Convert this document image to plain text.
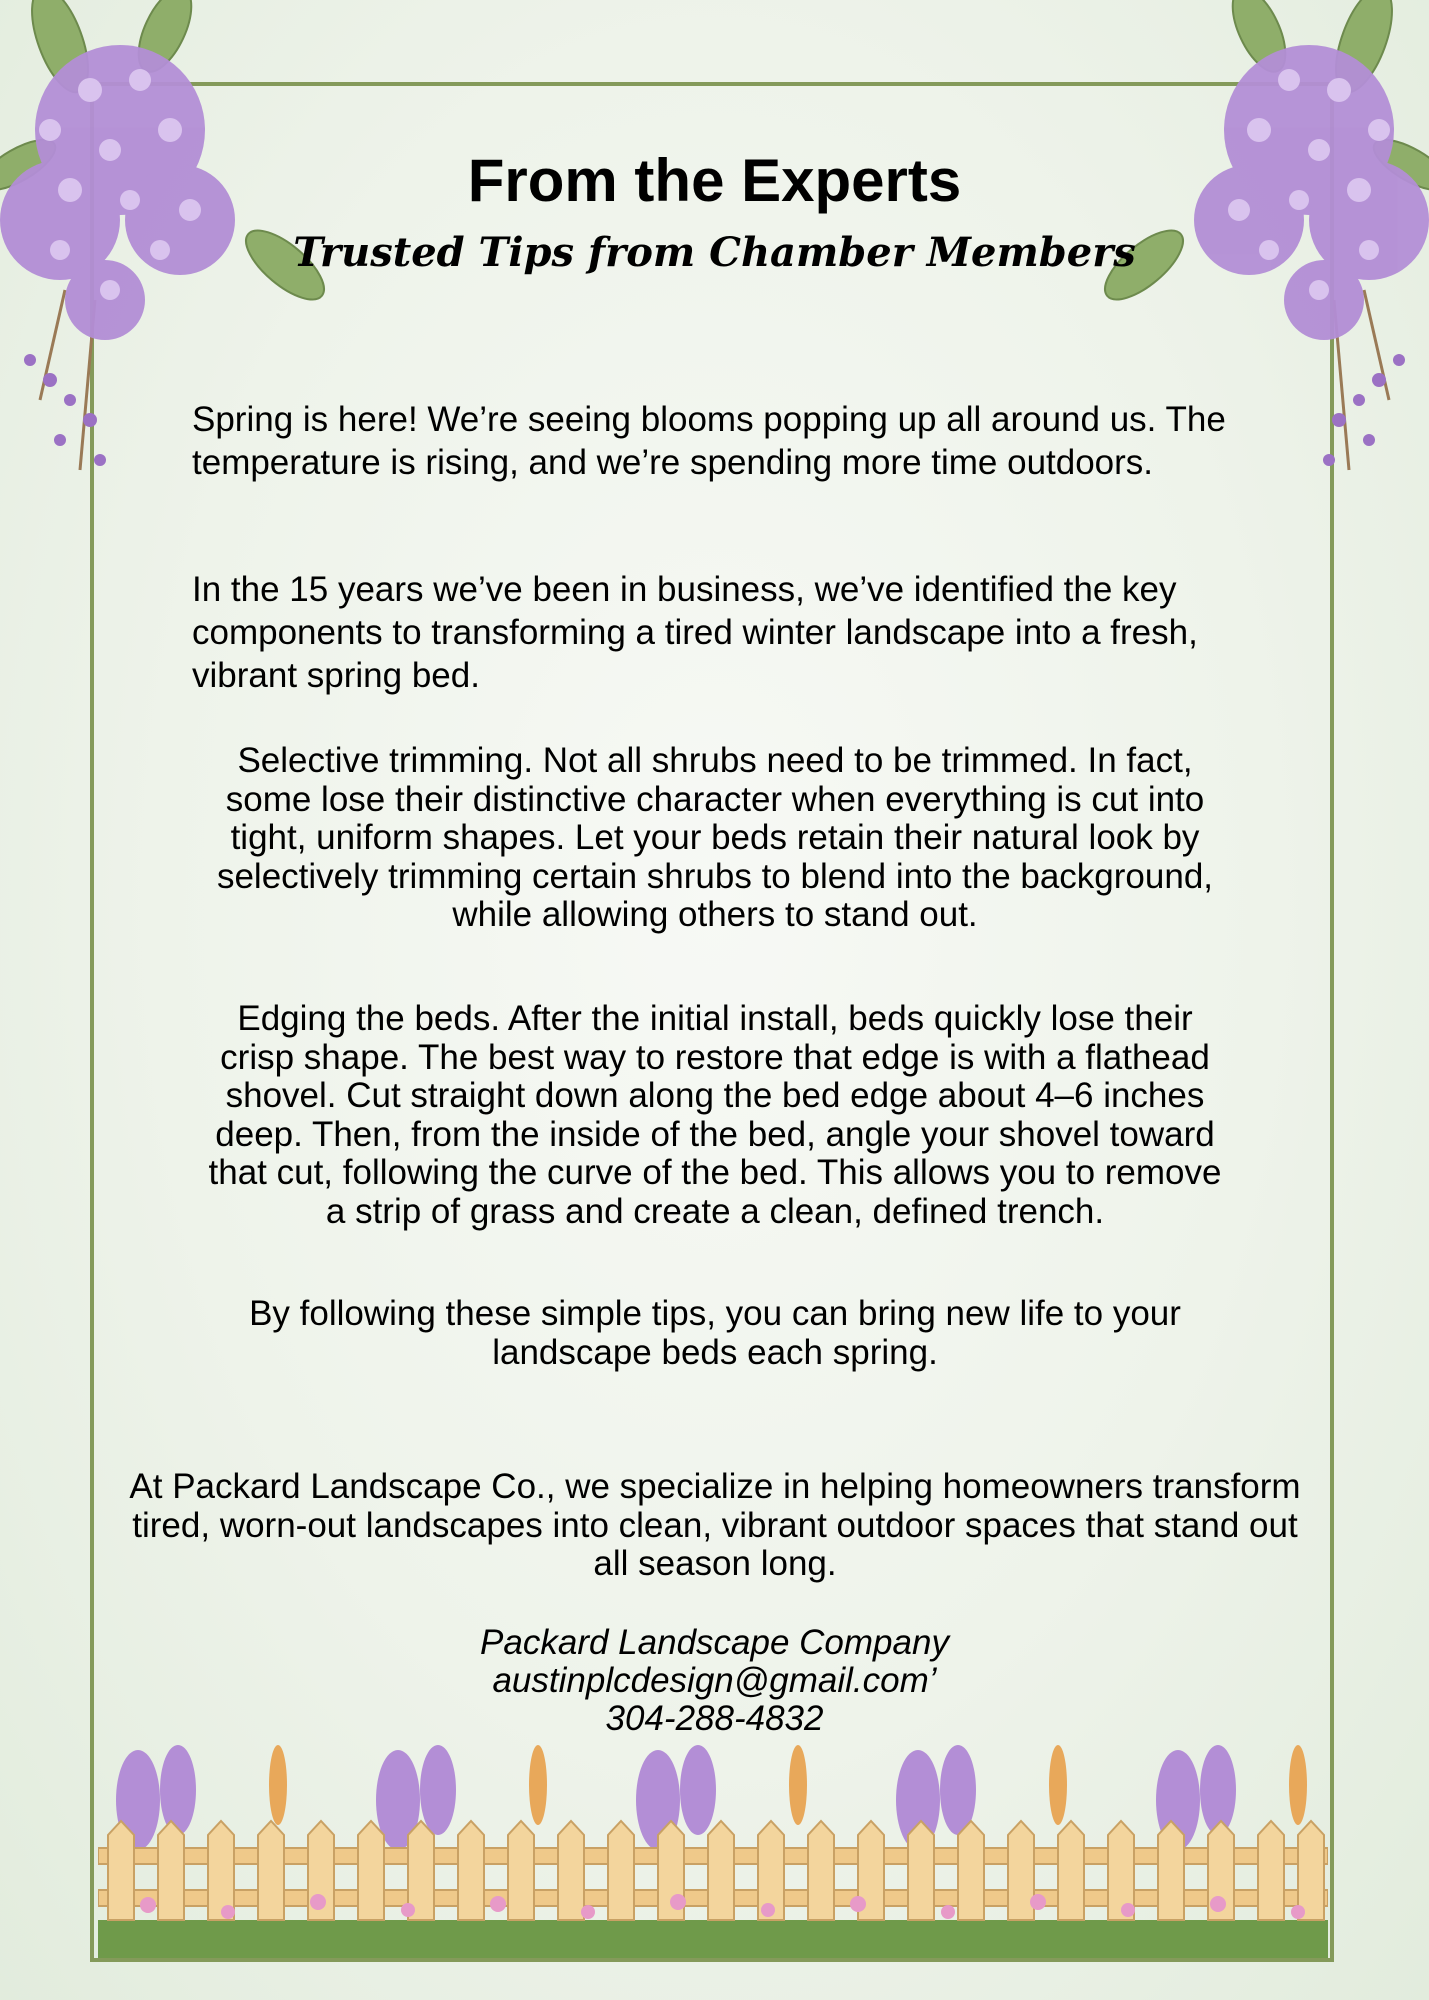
From the Experts
Trusted Tips from Chamber Members
Spring is here! We’re seeing blooms popping up all around us. The temperature is rising, and we’re spending more time outdoors.
In the 15 years we’ve been in business, we’ve identified the key components to transforming a tired winter landscape into a fresh, vibrant spring bed.
Selective trimming. Not all shrubs need to be trimmed. In fact, some lose their distinctive character when everything is cut into tight, uniform shapes. Let your beds retain their natural look by selectively trimming certain shrubs to blend into the background, while allowing others to stand out.
Edging the beds. After the initial install, beds quickly lose their crisp shape. The best way to restore that edge is with a flathead shovel. Cut straight down along the bed edge about 4–6 inches deep. Then, from the inside of the bed, angle your shovel toward that cut, following the curve of the bed. This allows you to remove a strip of grass and create a clean, defined trench.
By following these simple tips, you can bring new life to your landscape beds each spring.
At Packard Landscape Co., we specialize in helping homeowners transform tired, worn-out landscapes into clean, vibrant outdoor spaces that stand out all season long.
Packard Landscape Company
austinplcdesign@gmail.com’
304-288-4832
